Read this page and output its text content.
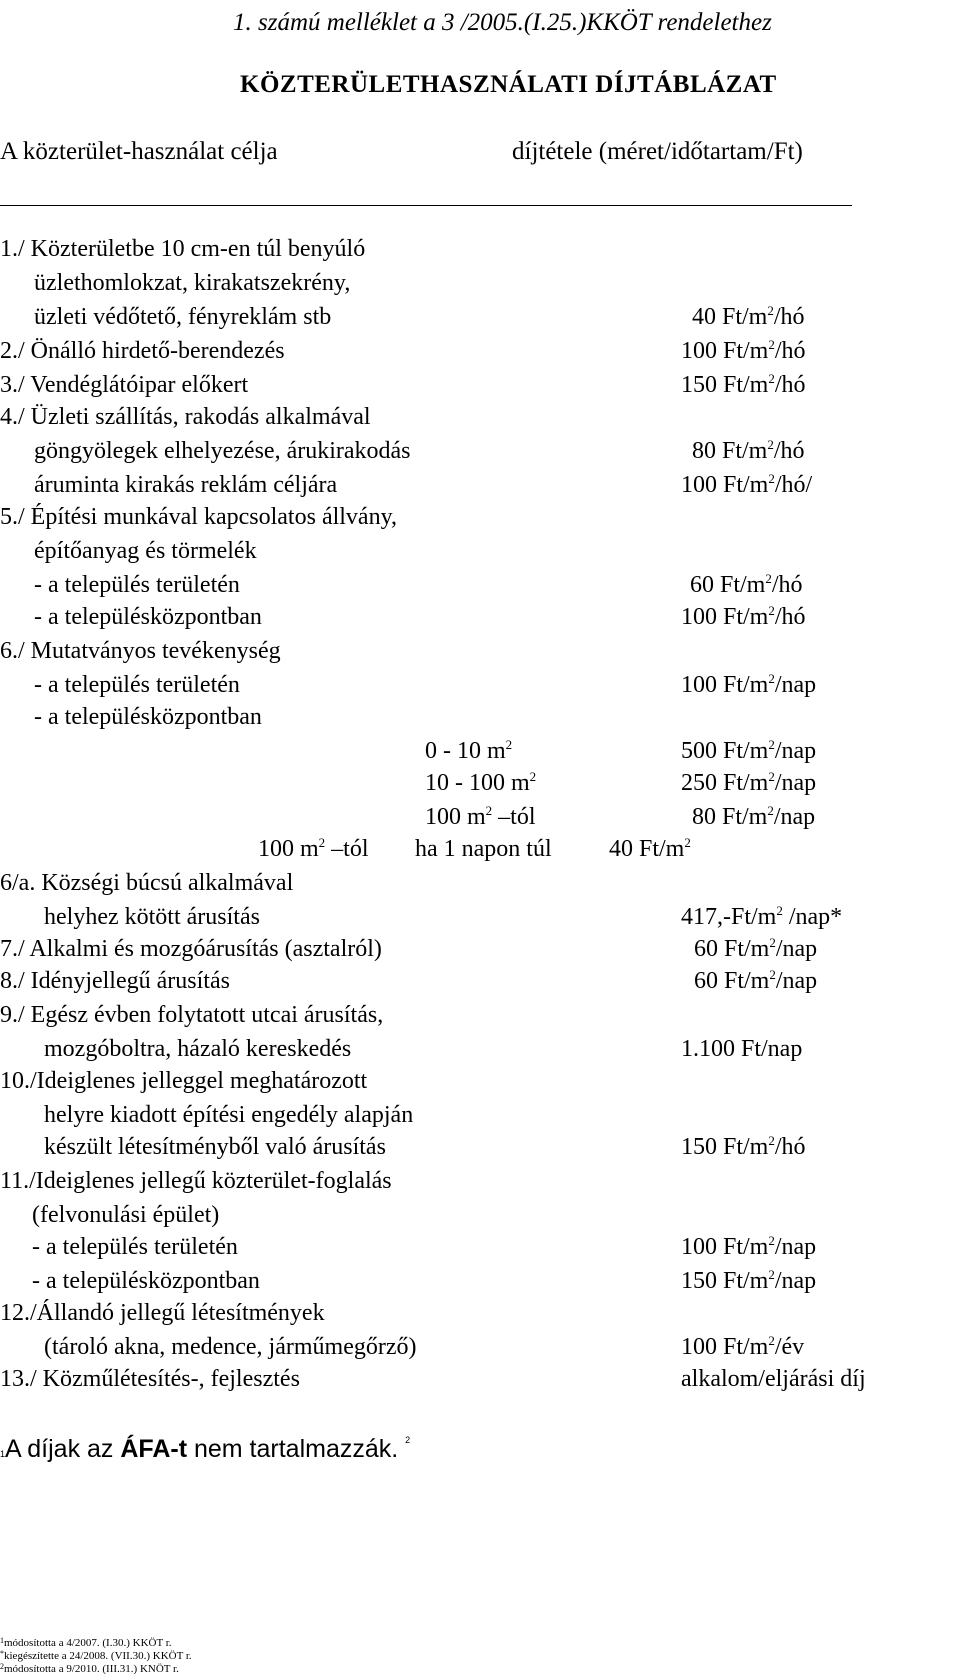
1. számú melléklet a 3 /2005.(I.25.)KKÖT rendelethez
KÖZTERÜLETHASZNÁLATI DÍJTÁBLÁZAT
A közterület-használat célja	díjtétele (méret/időtartam/Ft)
1./ Közterületbe 10 cm-en túl benyúló
üzlethomlokzat, kirakatszekrény,
üzleti védőtető, fényreklám stb	40 $Ft/m^2/hó$
2./ Önálló hirdető-berendezés	100 $Ft/m^2/hó$
3./ Vendéglátóipar előkert	150 $Ft/m^2/hó$
4./ Üzleti szállítás, rakodás alkalmával
göngyölegek elhelyezése, árukirakodás	80 $Ft/m^2/hó$
áruminta kirakás reklám céljára	100 $Ft/m^2/hó/$
5./ Építési munkával kapcsolatos állvány,
építőanyag és törmelék
- a település területén	60 $Ft/m^2/hó$
- a településközpontban	100 $Ft/m^2/hó$
6./ Mutatványos tevékenység
- a település területén	100 $Ft/m^2$/nap
- a településközpontban
0 - 10 $m^2$	500 $Ft/m^2$/nap
10 - 100 $m^2$	250 $Ft/m^2$/nap
100 $m^2$ –tól	80 $Ft/m^2$/nap
100 $m^2$ –tól ha 1 napon túl 40 $Ft/m^2$
6/a. Községi búcsú alkalmával
helyhez kötött árusítás	$417,-Ft/m^2$ /nap*
7./ Alkalmi és mozgóárusítás (asztalról)	60 $Ft/m^2$/nap
8./ Idényjellegű árusítás	60 $Ft/m^2$/nap
9./ Egész évben folytatott utcai árusítás,
mozgóboltra, házaló kereskedés	1.100 Ft/nap
10./Ideiglenes jelleggel meghatározott
helyre kiadott építési engedély alapján
készült létesítményből való árusítás	150 $Ft/m^2/hó$
11./Ideiglenes jellegű közterület-foglalás
(felvonulási épület)
- a település területén	100 $Ft/m^2$/nap
- a településközpontban	150 $Ft/m^2$/nap
12./Állandó jellegű létesítmények
(tároló akna, medence, járműmegőrző)	100 $Ft/m^2/év$
13./ Közműlétesítés-, fejlesztés	alkalom/eljárási díj
1A díjak az ÁFA-t nem tartalmazzák. $^2$
$^1$módosította a 4/2007. (I.30.) KKÖT r.
*kiegészítette a 24/2008. (VII.30.) KKÖT r.
$^2$módosította a 9/2010. (III.31.) KNÖT r.
